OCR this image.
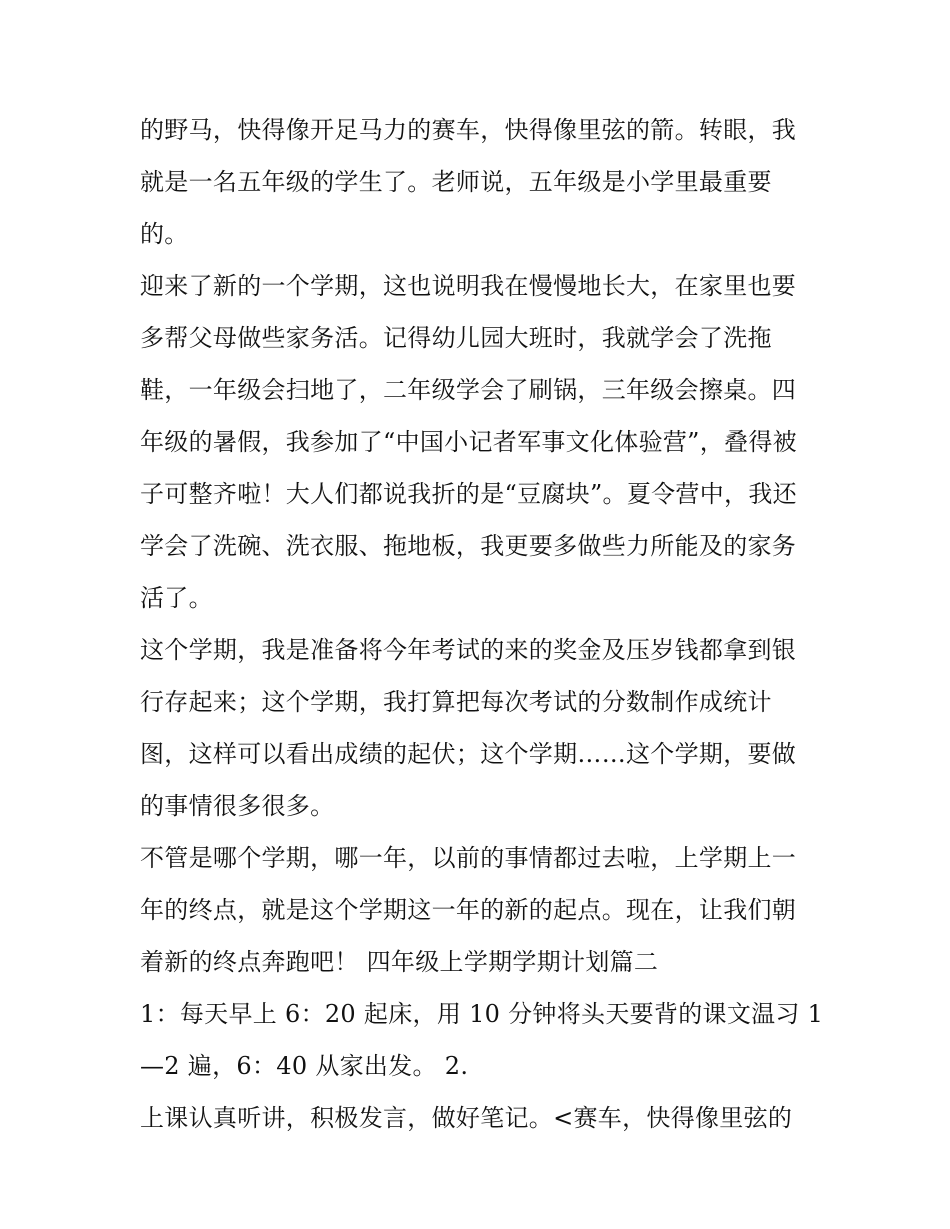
的野马，快得像开足马力的赛车，快得像里弦的箭。转眼，我
就是一名五年级的学生了。老师说，五年级是小学里最重要
的。
迎来了新的一个学期，这也说明我在慢慢地长大，在家里也要
多帮父母做些家务活。记得幼儿园大班时，我就学会了洗拖
鞋，一年级会扫地了，二年级学会了刷锅，三年级会擦桌。四
年级的暑假，我参加了“中国小记者军事文化体验营”，叠得被
子可整齐啦！大人们都说我折的是“豆腐块”。夏令营中，我还
学会了洗碗、洗衣服、拖地板，我更要多做些力所能及的家务
活了。
这个学期，我是准备将今年考试的来的奖金及压岁钱都拿到银
行存起来；这个学期，我打算把每次考试的分数制作成统计
图，这样可以看出成绩的起伏；这个学期……这个学期，要做
的事情很多很多。
不管是哪个学期，哪一年，以前的事情都过去啦，上学期上一
年的终点，就是这个学期这一年的新的起点。现在，让我们朝
着新的终点奔跑吧！ 四年级上学期学期计划篇二
1：每天早上 6：20 起床，用 10 分钟将头天要背的课文温习 1
—2 遍，6：40 从家出发。 2.
上课认真听讲，积极发言，做好笔记。<赛车，快得像里弦的
